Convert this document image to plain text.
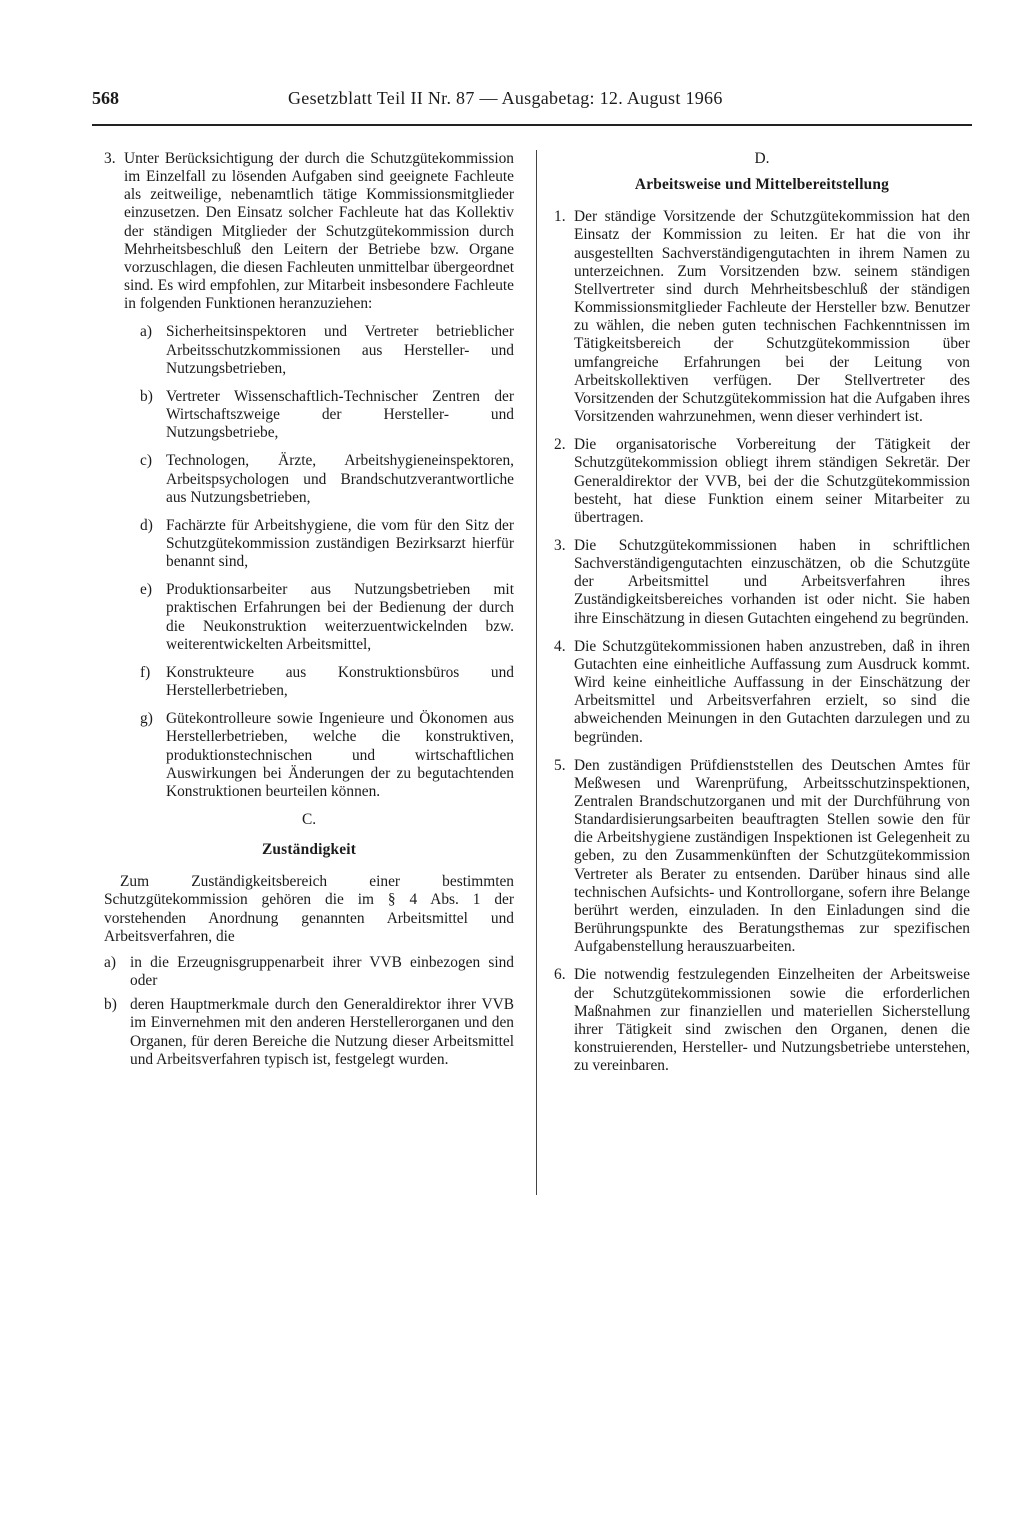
568	Gesetzblatt Teil II Nr. 87 — Ausgabetag: 12. August 1966
3. Unter Berücksichtigung der durch die Schutzgütekommission im Einzelfall zu lösenden Aufgaben sind geeignete Fachleute als zeitweilige, nebenamtlich tätige Kommissionsmitglieder einzusetzen. Den Einsatz solcher Fachleute hat das Kollektiv der ständigen Mitglieder der Schutzgütekommission durch Mehrheitsbeschluß den Leitern der Betriebe bzw. Organe vorzuschlagen, die diesen Fachleuten unmittelbar übergeordnet sind. Es wird empfohlen, zur Mitarbeit insbesondere Fachleute in folgenden Funktionen heranzuziehen:
a) Sicherheitsinspektoren und Vertreter betrieblicher Arbeitsschutzkommissionen aus Hersteller- und Nutzungsbetrieben,
b) Vertreter Wissenschaftlich-Technischer Zentren der Wirtschaftszweige der Hersteller- und Nutzungsbetriebe,
c) Technologen, Ärzte, Arbeitshygieneinspektoren, Arbeitspsychologen und Brandschutzverantwortliche aus Nutzungsbetrieben,
d) Fachärzte für Arbeitshygiene, die vom für den Sitz der Schutzgütekommission zuständigen Bezirksarzt hierfür benannt sind,
e) Produktionsarbeiter aus Nutzungsbetrieben mit praktischen Erfahrungen bei der Bedienung der durch die Neukonstruktion weiterzuentwickelnden bzw. weiterentwickelten Arbeitsmittel,
f)	Konstrukteure aus Konstruktionsbüros und Herstellerbetrieben,
g) Gütekontrolleure sowie Ingenieure und Ökonomen aus Herstellerbetrieben, welche die konstruktiven, produktionstechnischen und wirtschaftlichen Auswirkungen bei Änderungen der zu begutachtenden Konstruktionen beurteilen können.
C.
Zuständigkeit
Zum Zuständigkeitsbereich einer bestimmten Schutzgütekommission gehören die im § 4 Abs. 1 der vorstehenden Anordnung genannten Arbeitsmittel und Arbeitsverfahren, die
a) in die Erzeugnisgruppenarbeit ihrer VVB einbezogen sind oder
b) deren Hauptmerkmale durch den Generaldirektor ihrer VVB im Einvernehmen mit den anderen Herstellerorganen und den Organen, für deren Bereiche die Nutzung dieser Arbeitsmittel und Arbeitsverfahren typisch ist, festgelegt wurden.
D.
Arbeitsweise und Mittelbereitstellung
1. Der ständige Vorsitzende der Schutzgütekommission hat den Einsatz der Kommission zu leiten. Er hat die von ihr ausgestellten Sachverständigengutachten in ihrem Namen zu unterzeichnen. Zum Vorsitzenden bzw. seinem ständigen Stellvertreter sind durch Mehrheitsbeschluß der ständigen Kommissionsmitglieder Fachleute der Hersteller bzw. Benutzer zu wählen, die neben guten technischen Fachkenntnissen im Tätigkeitsbereich der Schutzgütekommission über umfangreiche Erfahrungen bei der Leitung von Arbeitskollektiven verfügen. Der Stellvertreter des Vorsitzenden der Schutzgütekommission hat die Aufgaben ihres Vorsitzenden wahrzunehmen, wenn dieser verhindert ist.
2. Die organisatorische Vorbereitung der Tätigkeit der Schutzgütekommission obliegt ihrem ständigen Sekretär. Der Generaldirektor der VVB, bei der die Schutzgütekommission besteht, hat diese Funktion einem seiner Mitarbeiter zu übertragen.
3. Die Schutzgütekommissionen haben in schriftlichen Sachverständigengutachten einzuschätzen, ob die Schutzgüte der Arbeitsmittel und Arbeitsverfahren ihres Zuständigkeitsbereiches vorhanden ist oder nicht. Sie haben ihre Einschätzung in diesen Gutachten eingehend zu begründen.
4. Die Schutzgütekommissionen haben anzustreben, daß in ihren Gutachten eine einheitliche Auffassung zum Ausdruck kommt. Wird keine einheitliche Auffassung in der Einschätzung der Arbeitsmittel und Arbeitsverfahren erzielt, so sind die abweichenden Meinungen in den Gutachten darzulegen und zu begründen.
5. Den zuständigen Prüfdienststellen des Deutschen Amtes für Meßwesen und Warenprüfung, Arbeitsschutzinspektionen, Zentralen Brandschutzorganen und mit der Durchführung von Standardisierungsarbeiten beauftragten Stellen sowie den für die Arbeitshygiene zuständigen Inspektionen ist Gelegenheit zu geben, zu den Zusammenkünften der Schutzgütekommission Vertreter als Berater zu entsenden. Darüber hinaus sind alle technischen Aufsichts- und Kontrollorgane, sofern ihre Belange berührt werden, einzuladen. In den Einladungen sind die Berührungspunkte des Beratungsthemas zur spezifischen Aufgabenstellung herauszuarbeiten.
6. Die notwendig festzulegenden Einzelheiten der Arbeitsweise der Schutzgütekommissionen sowie die erforderlichen Maßnahmen zur finanziellen und materiellen Sicherstellung ihrer Tätigkeit sind zwischen den Organen, denen die konstruierenden, Hersteller- und Nutzungsbetriebe unterstehen, zu vereinbaren.
